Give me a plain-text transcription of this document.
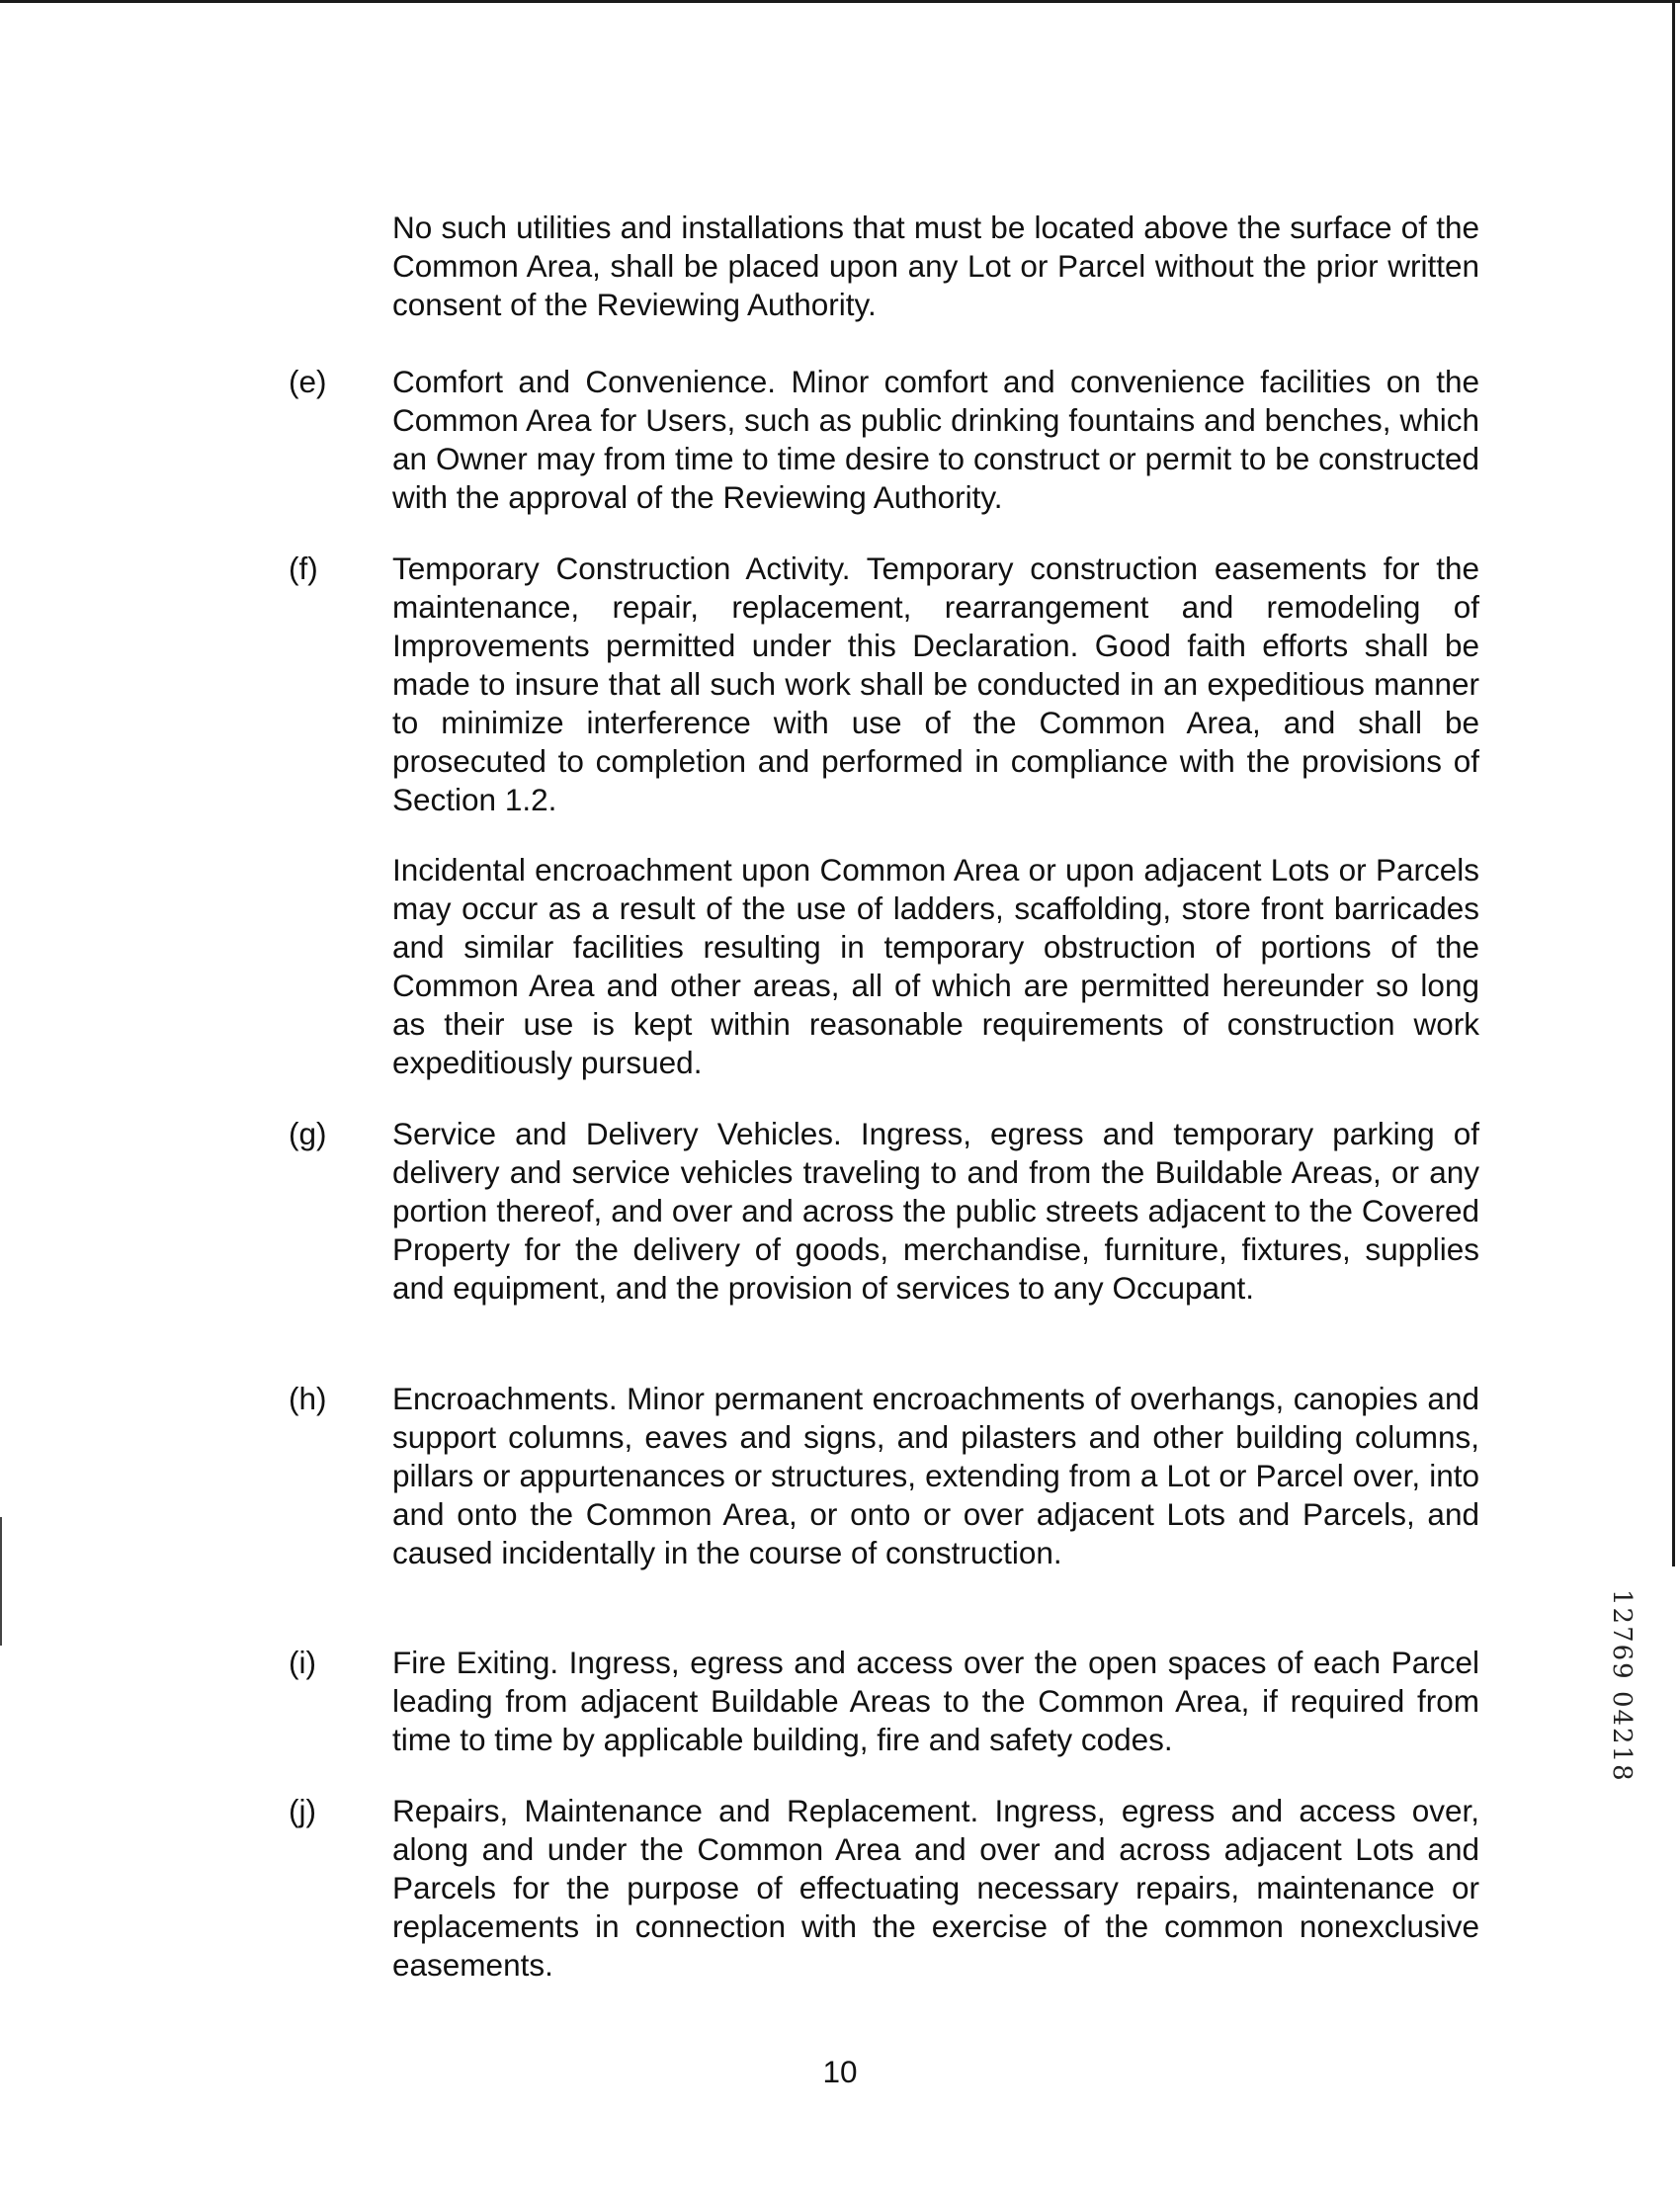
No such utilities and installations that must be located above the surface of the Common Area, shall be placed upon any Lot or Parcel without the prior written consent of the Reviewing Authority.
(e) Comfort and Convenience. Minor comfort and convenience facilities on the Common Area for Users, such as public drinking fountains and benches, which an Owner may from time to time desire to construct or permit to be constructed with the approval of the Reviewing Authority.
(f) Temporary Construction Activity. Temporary construction easements for the maintenance, repair, replacement, rearrangement and remodeling of Improvements permitted under this Declaration. Good faith efforts shall be made to insure that all such work shall be conducted in an expeditious manner to minimize interference with use of the Common Area, and shall be prosecuted to completion and performed in compliance with the provisions of Section 1.2.
Incidental encroachment upon Common Area or upon adjacent Lots or Parcels may occur as a result of the use of ladders, scaffolding, store front barricades and similar facilities resulting in temporary obstruction of portions of the Common Area and other areas, all of which are permitted hereunder so long as their use is kept within reasonable requirements of construction work expeditiously pursued.
(g) Service and Delivery Vehicles. Ingress, egress and temporary parking of delivery and service vehicles traveling to and from the Buildable Areas, or any portion thereof, and over and across the public streets adjacent to the Covered Property for the delivery of goods, merchandise, furniture, fixtures, supplies and equipment, and the provision of services to any Occupant.
(h) Encroachments. Minor permanent encroachments of overhangs, canopies and support columns, eaves and signs, and pilasters and other building columns, pillars or appurtenances or structures, extending from a Lot or Parcel over, into and onto the Common Area, or onto or over adjacent Lots and Parcels, and caused incidentally in the course of construction.
(i) Fire Exiting. Ingress, egress and access over the open spaces of each Parcel leading from adjacent Buildable Areas to the Common Area, if required from time to time by applicable building, fire and safety codes.
(j) Repairs, Maintenance and Replacement. Ingress, egress and access over, along and under the Common Area and over and across adjacent Lots and Parcels for the purpose of effectuating necessary repairs, maintenance or replacements in connection with the exercise of the common nonexclusive easements.
10
12769 04218
